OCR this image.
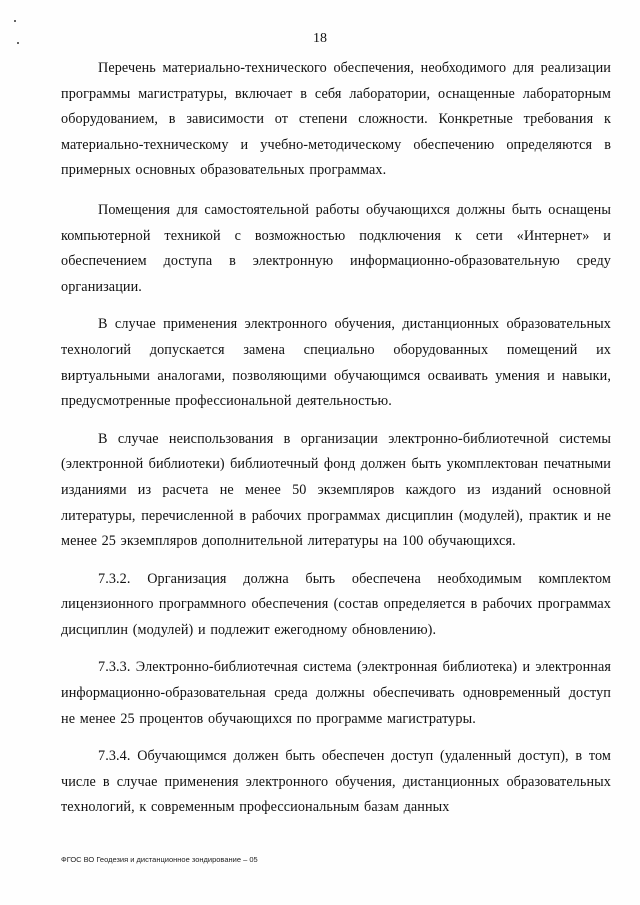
18

Перечень материально-технического обеспечения, необходимого для реализации программы магистратуры, включает в себя лаборатории, оснащенные лабораторным оборудованием, в зависимости от степени сложности. Конкретные требования к материально-техническому и учебно-методическому обеспечению определяются в примерных основных образовательных программах.

Помещения для самостоятельной работы обучающихся должны быть оснащены компьютерной техникой с возможностью подключения к сети «Интернет» и обеспечением доступа в электронную информационно-образовательную среду организации.

В случае применения электронного обучения, дистанционных образовательных технологий допускается замена специально оборудованных помещений их виртуальными аналогами, позволяющими обучающимся осваивать умения и навыки, предусмотренные профессиональной деятельностью.

В случае неиспользования в организации электронно-библиотечной системы (электронной библиотеки) библиотечный фонд должен быть укомплектован печатными изданиями из расчета не менее 50 экземпляров каждого из изданий основной литературы, перечисленной в рабочих программах дисциплин (модулей), практик и не менее 25 экземпляров дополнительной литературы на 100 обучающихся.

7.3.2. Организация должна быть обеспечена необходимым комплектом лицензионного программного обеспечения (состав определяется в рабочих программах дисциплин (модулей) и подлежит ежегодному обновлению).

7.3.3. Электронно-библиотечная система (электронная библиотека) и электронная информационно-образовательная среда должны обеспечивать одновременный доступ не менее 25 процентов обучающихся по программе магистратуры.

7.3.4. Обучающимся должен быть обеспечен доступ (удаленный доступ), в том числе в случае применения электронного обучения, дистанционных образовательных технологий, к современным профессиональным базам данных

ФГОС ВО Геодезия и дистанционное зондирование – 05
